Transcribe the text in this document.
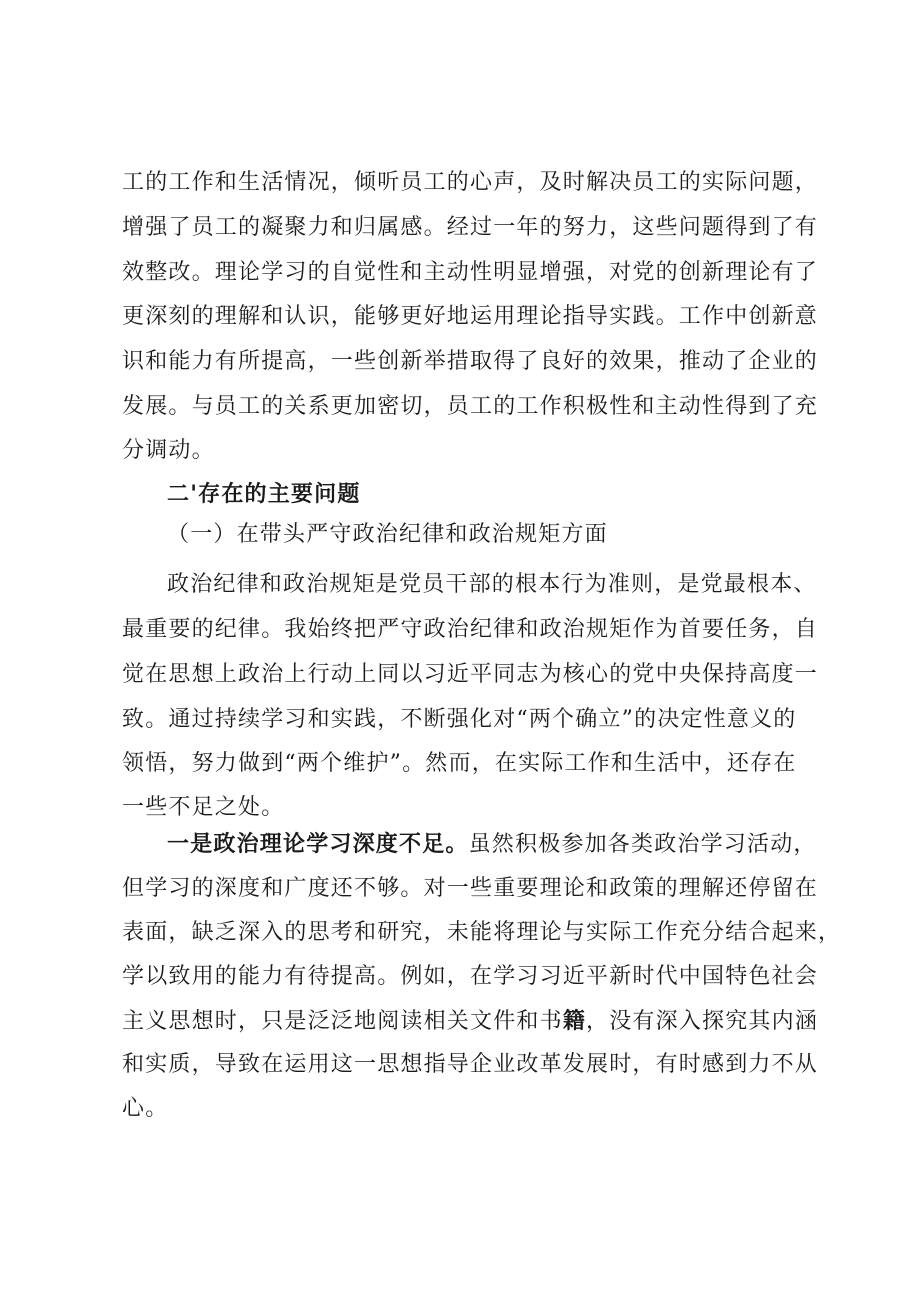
工的工作和生活情况，倾听员工的心声，及时解决员工的实际问题，
增强了员工的凝聚力和归属感。经过一年的努力，这些问题得到了有
效整改。理论学习的自觉性和主动性明显增强，对党的创新理论有了
更深刻的理解和认识，能够更好地运用理论指导实践。工作中创新意
识和能力有所提高，一些创新举措取得了良好的效果，推动了企业的
发展。与员工的关系更加密切，员工的工作积极性和主动性得到了充
分调动。
二'存在的主要问题
（一）在带头严守政治纪律和政治规矩方面
政治纪律和政治规矩是党员干部的根本行为准则，是党最根本、
最重要的纪律。我始终把严守政治纪律和政治规矩作为首要任务，自
觉在思想上政治上行动上同以习近平同志为核心的党中央保持高度一
致。通过持续学习和实践，不断强化对“两个确立”的决定性意义的
领悟，努力做到“两个维护”。然而，在实际工作和生活中，还存在
一些不足之处。
一是政治理论学习深度不足。虽然积极参加各类政治学习活动，
但学习的深度和广度还不够。对一些重要理论和政策的理解还停留在
表面，缺乏深入的思考和研究，未能将理论与实际工作充分结合起来，
学以致用的能力有待提高。例如，在学习习近平新时代中国特色社会
主义思想时，只是泛泛地阅读相关文件和书籍，没有深入探究其内涵
和实质，导致在运用这一思想指导企业改革发展时，有时感到力不从
心。
